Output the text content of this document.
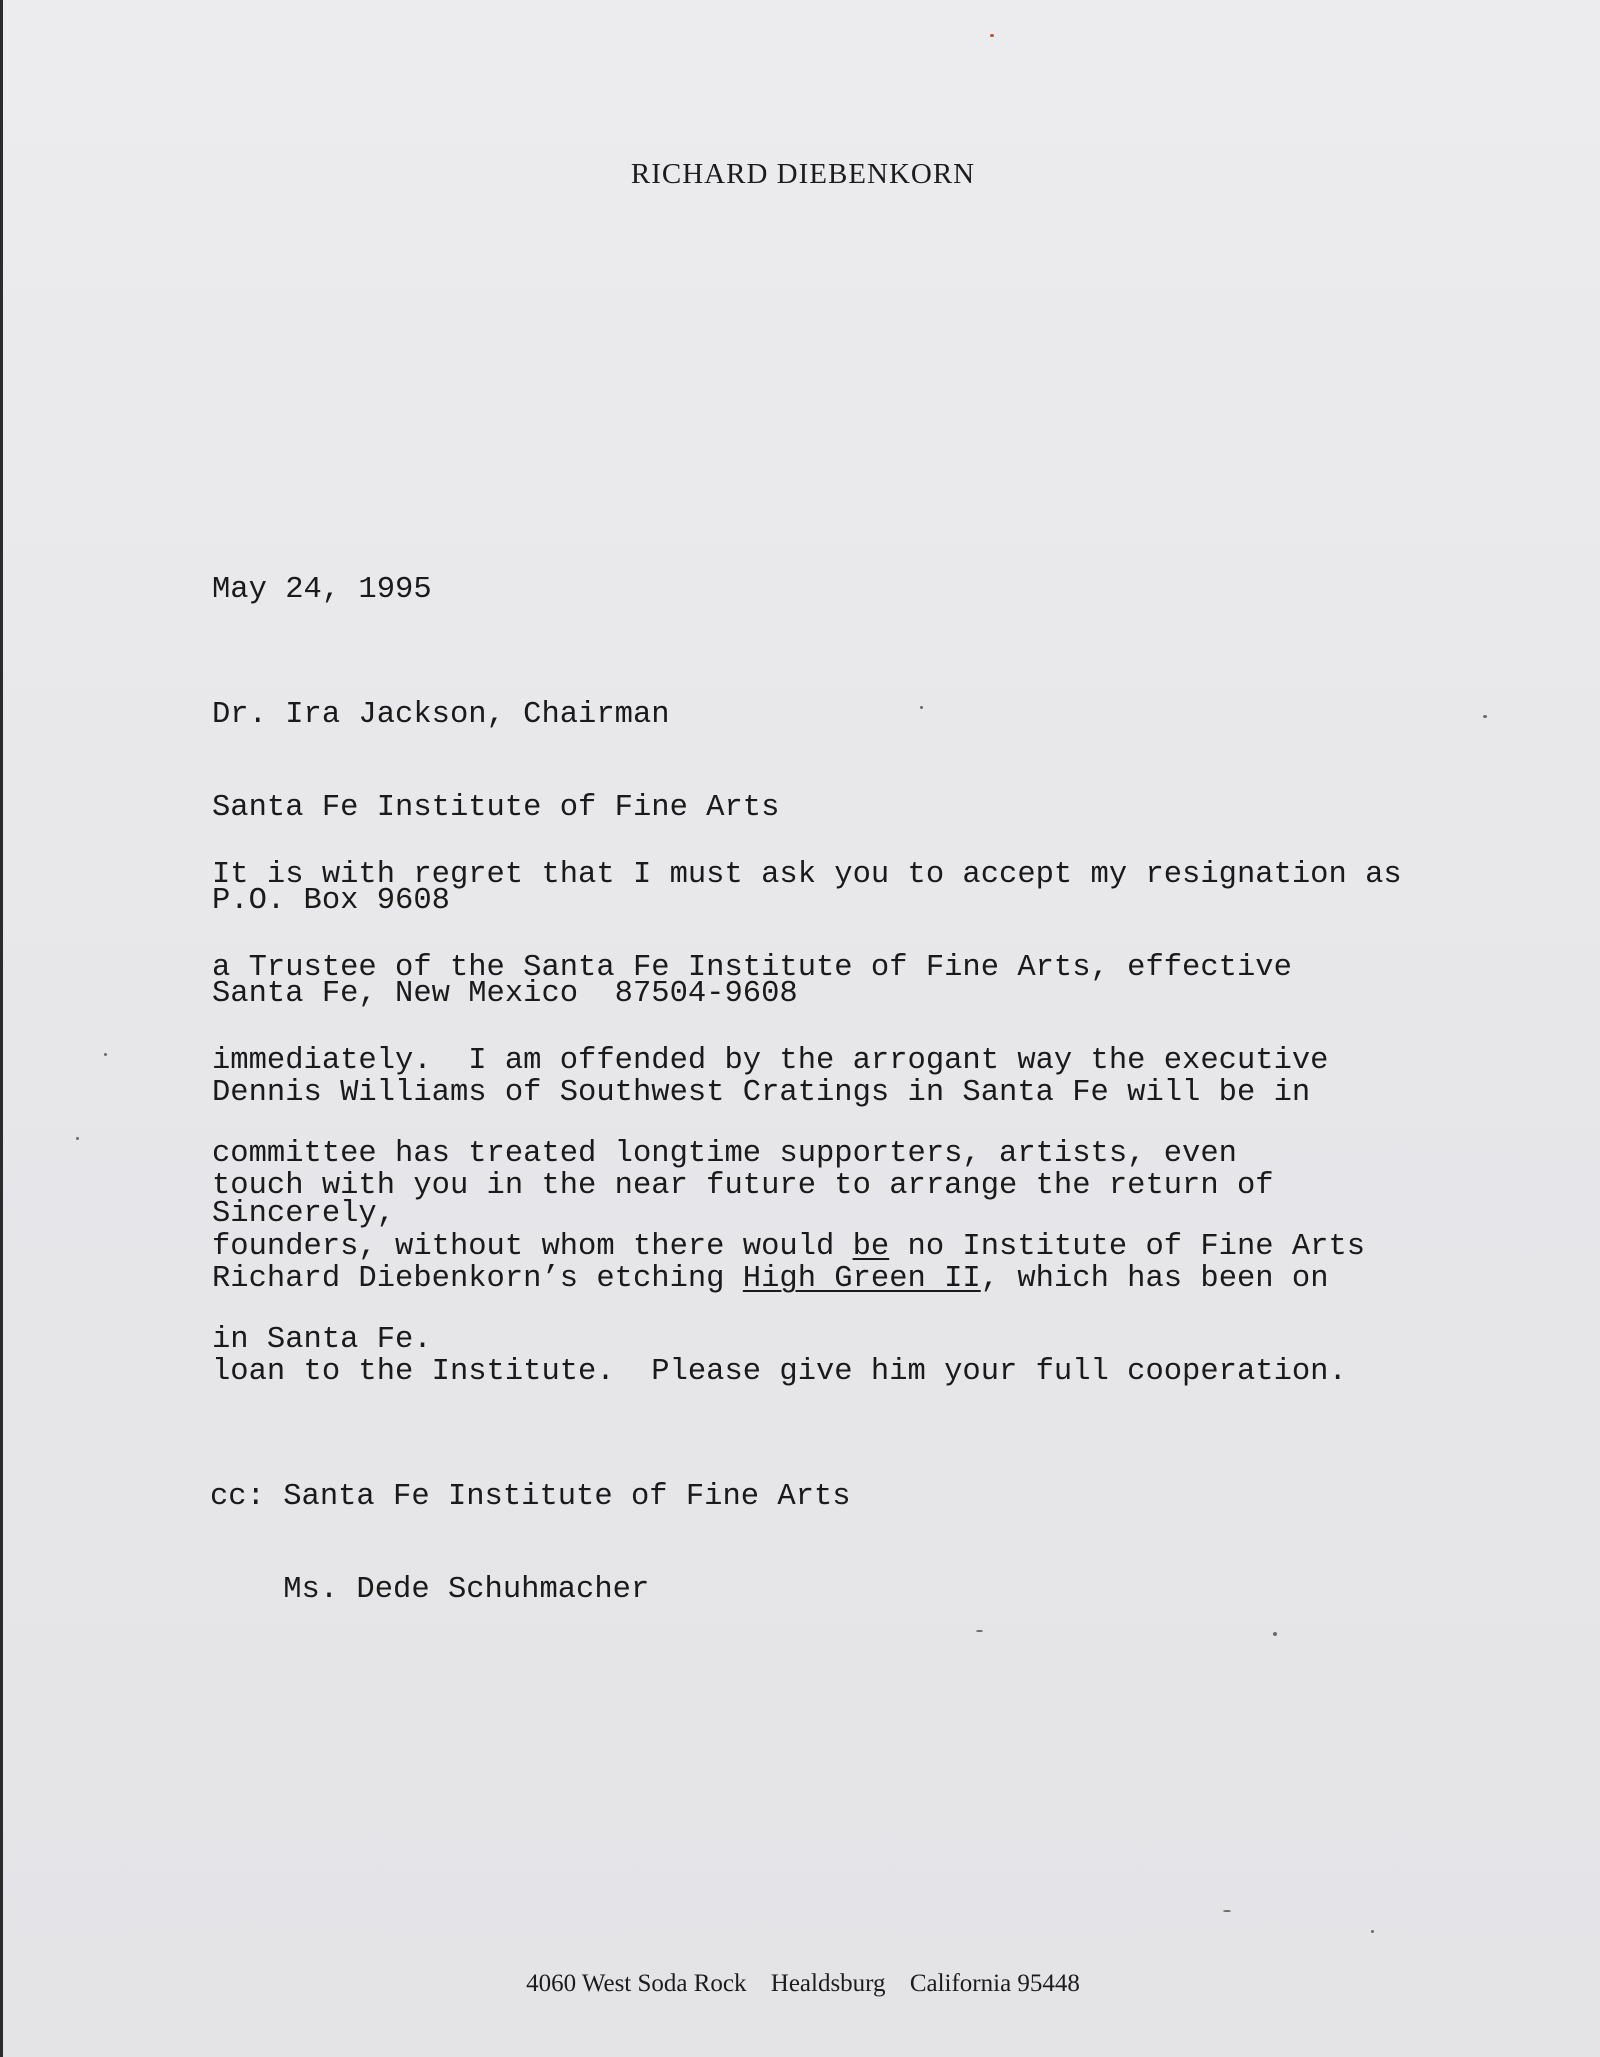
RICHARD DIEBENKORN
May 24, 1995

Dr. Ira Jackson, Chairman

Santa Fe Institute of Fine Arts

P.O. Box 9608

Santa Fe, New Mexico  87504-9608

It is with regret that I must ask you to accept my resignation as

a Trustee of the Santa Fe Institute of Fine Arts, effective

immediately.  I am offended by the arrogant way the executive

committee has treated longtime supporters, artists, even

founders, without whom there would be no Institute of Fine Arts

in Santa Fe.

Dennis Williams of Southwest Cratings in Santa Fe will be in

touch with you in the near future to arrange the return of

Richard Diebenkorn’s etching High Green II, which has been on

loan to the Institute.  Please give him your full cooperation.

Sincerely,

cc: Santa Fe Institute of Fine Arts

Ms. Dede Schuhmacher

4060 West Soda Rock Healdsburg California 95448
